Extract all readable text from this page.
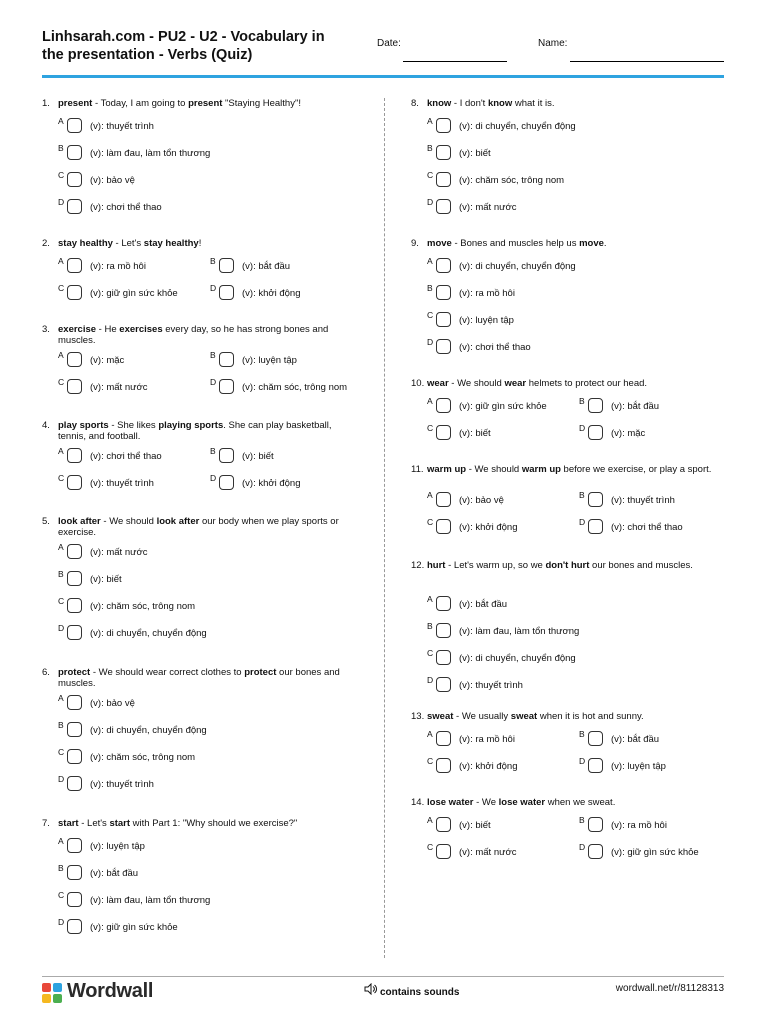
Linhsarah.com - PU2 - U2 - Vocabulary in the presentation - Verbs (Quiz)
Date:	Name:
1. present - Today, I am going to present "Staying Healthy"!
A	(v): thuyết trình
B	(v): làm đau, làm tổn thương
C	(v): bảo vệ
D	(v): chơi thể thao
2. stay healthy - Let's stay healthy!
A	(v): ra mồ hôi	B	(v): bắt đầu
C	(v): giữ gìn sức khỏe	D	(v): khởi động
3. exercise - He exercises every day, so he has strong bones and muscles.
A	(v): mặc	B	(v): luyện tập
C	(v): mất nước	D	(v): chăm sóc, trông nom
4. play sports - She likes playing sports. She can play basketball, tennis, and football.
A	(v): chơi thể thao	B	(v): biết
C	(v): thuyết trình	D	(v): khởi động
5. look after - We should look after our body when we play sports or exercise.
A	(v): mất nước
B	(v): biết
C	(v): chăm sóc, trông nom
D	(v): di chuyển, chuyển động
6. protect - We should wear correct clothes to protect our bones and muscles.
A	(v): bảo vệ
B	(v): di chuyển, chuyển động
C	(v): chăm sóc, trông nom
D	(v): thuyết trình
7. start - Let's start with Part 1: "Why should we exercise?"
A	(v): luyện tập
B	(v): bắt đầu
C	(v): làm đau, làm tổn thương
D	(v): giữ gìn sức khỏe
8. know - I don't know what it is.
A	(v): di chuyển, chuyển động
B	(v): biết
C	(v): chăm sóc, trông nom
D	(v): mất nước
9. move - Bones and muscles help us move.
A	(v): di chuyển, chuyển động
B	(v): ra mồ hôi
C	(v): luyện tập
D	(v): chơi thể thao
10. wear - We should wear helmets to protect our head.
A	(v): giữ gìn sức khỏe	B	(v): bắt đầu
C	(v): biết	D	(v): mặc
11. warm up - We should warm up before we exercise, or play a sport.
A	(v): bảo vệ	B	(v): thuyết trình
C	(v): khởi động	D	(v): chơi thể thao
12. hurt - Let's warm up, so we don't hurt our bones and muscles.
A	(v): bắt đầu
B	(v): làm đau, làm tổn thương
C	(v): di chuyển, chuyển động
D	(v): thuyết trình
13. sweat - We usually sweat when it is hot and sunny.
A	(v): ra mồ hôi	B	(v): bắt đầu
C	(v): khởi động	D	(v): luyện tập
14. lose water - We lose water when we sweat.
A	(v): biết	B	(v): ra mồ hôi
C	(v): mất nước	D	(v): giữ gìn sức khỏe
Wordwall	contains sounds	wordwall.net/r/81128313
